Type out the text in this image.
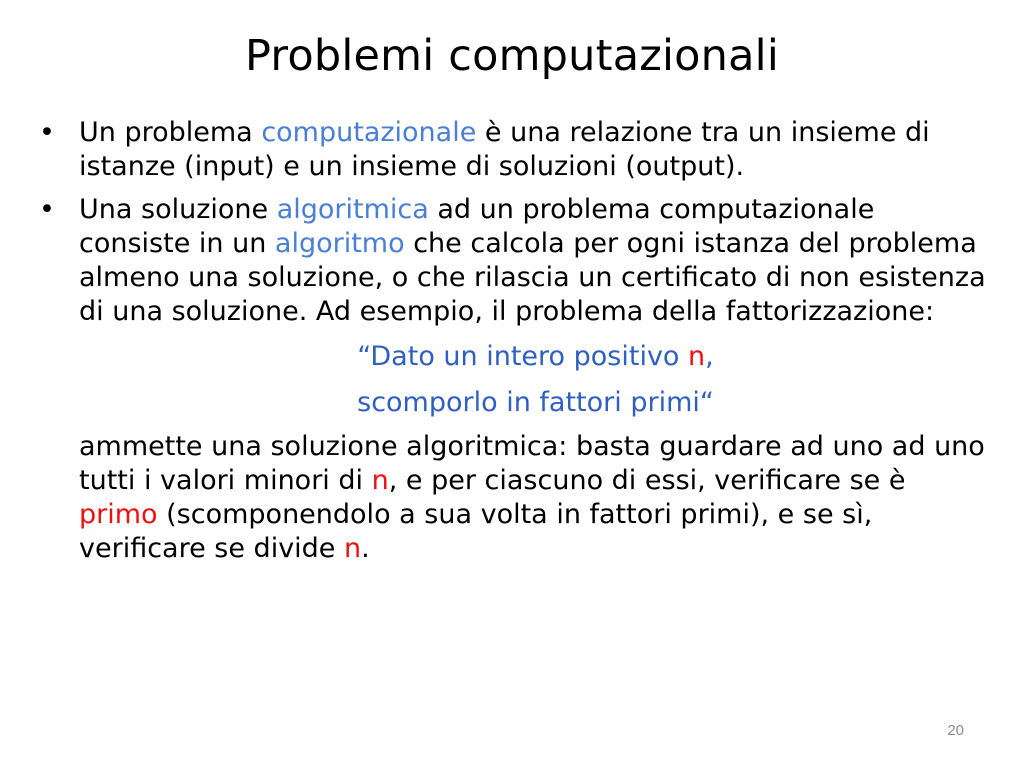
Problemi computazionali

• Un problema computazionale è una relazione tra un insieme di istanze (input) e un insieme di soluzioni (output).

• Una soluzione algoritmica ad un problema computazionale consiste in un algoritmo che calcola per ogni istanza del problema almeno una soluzione, o che rilascia un certificato di non esistenza di una soluzione. Ad esempio, il problema della fattorizzazione:

“Dato un intero positivo n,
scomporlo in fattori primi“

ammette una soluzione algoritmica: basta guardare ad uno ad uno tutti i valori minori di n, e per ciascuno di essi, verificare se è primo (scomponendolo a sua volta in fattori primi), e se sì, verificare se divide n.

20
